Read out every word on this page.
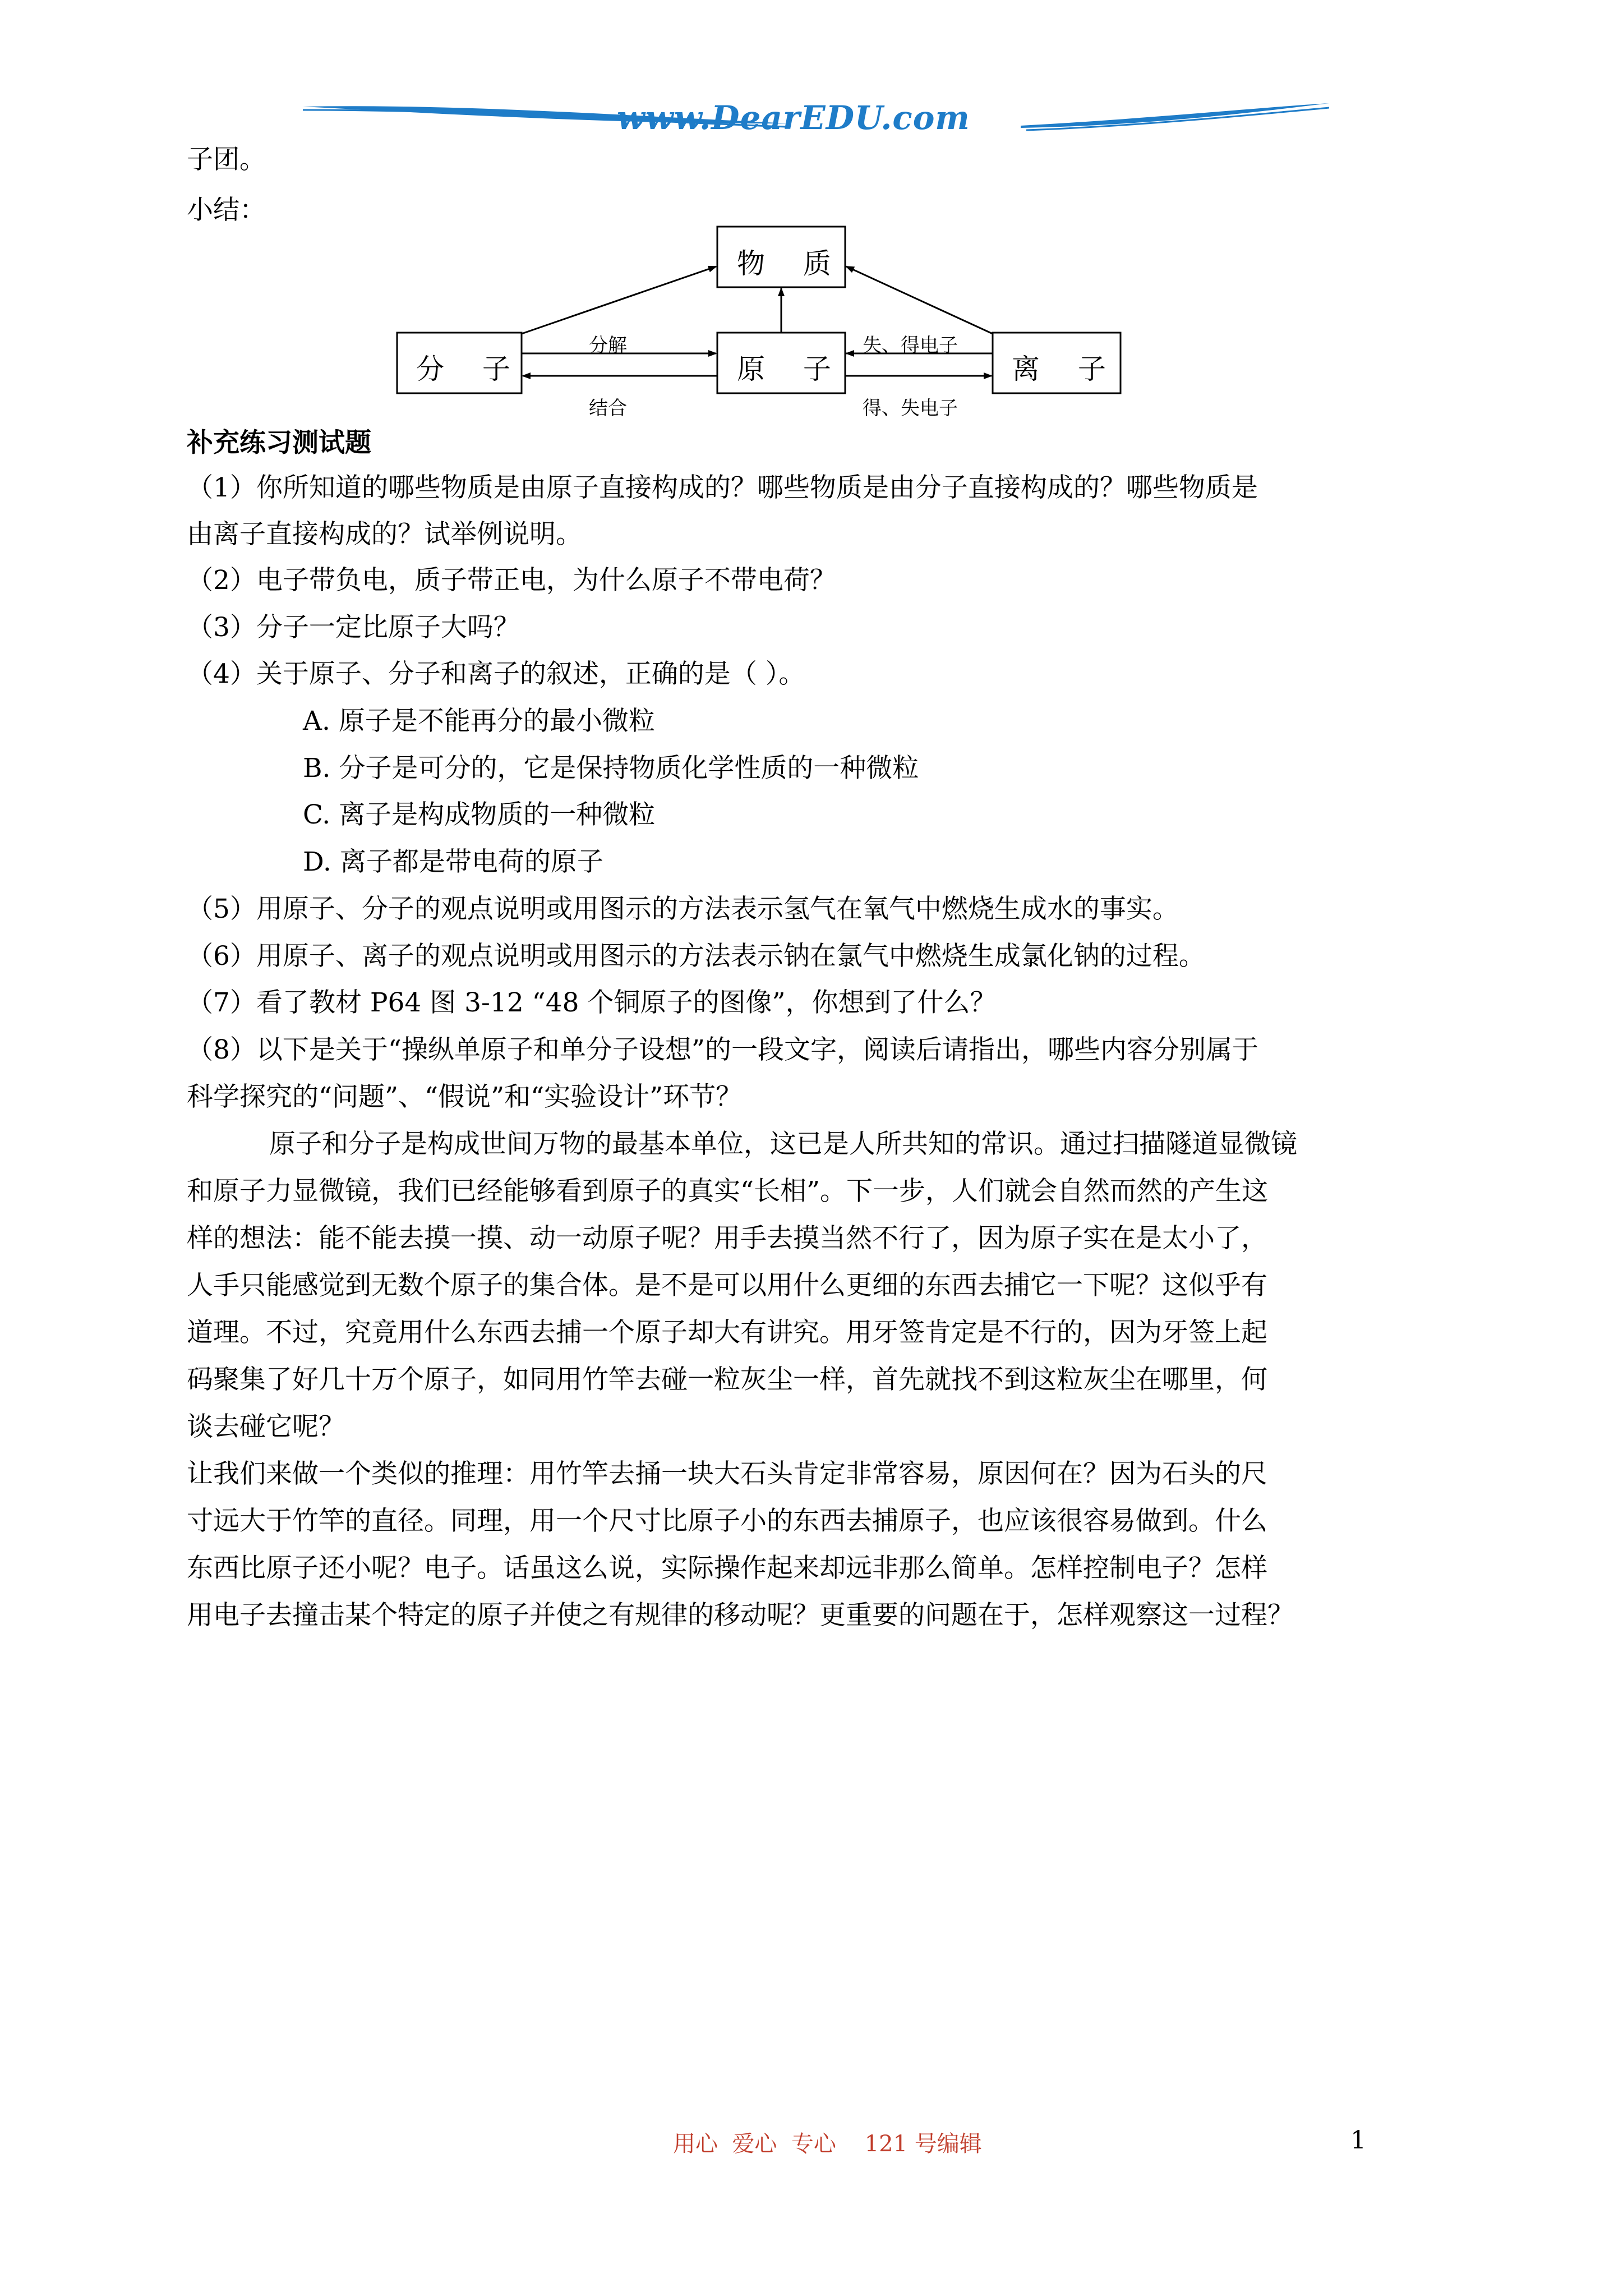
www.DearEDU.com
子团。
小结：
物 质
分 子	原 子	离 子
分解
结合
失、得电子
得、失电子
补充练习测试题
（1）你所知道的哪些物质是由原子直接构成的？哪些物质是由分子直接构成的？哪些物质是
由离子直接构成的？试举例说明。
（2）电子带负电，质子带正电，为什么原子不带电荷？
（3）分子一定比原子大吗？
（4）关于原子、分子和离子的叙述，正确的是（ ）。
A. 原子是不能再分的最小微粒
B. 分子是可分的，它是保持物质化学性质的一种微粒
C. 离子是构成物质的一种微粒
D. 离子都是带电荷的原子
（5）用原子、分子的观点说明或用图示的方法表示氢气在氧气中燃烧生成水的事实。
（6）用原子、离子的观点说明或用图示的方法表示钠在氯气中燃烧生成氯化钠的过程。
（7）看了教材 P64 图 3-12 “48 个铜原子的图像”，你想到了什么？
（8）以下是关于“操纵单原子和单分子设想”的一段文字，阅读后请指出，哪些内容分别属于
科学探究的“问题”、“假说”和“实验设计”环节？
原子和分子是构成世间万物的最基本单位，这已是人所共知的常识。通过扫描隧道显微镜
和原子力显微镜，我们已经能够看到原子的真实“长相”。下一步，人们就会自然而然的产生这
样的想法：能不能去摸一摸、动一动原子呢？用手去摸当然不行了，因为原子实在是太小了，
人手只能感觉到无数个原子的集合体。是不是可以用什么更细的东西去捕它一下呢？这似乎有
道理。不过，究竟用什么东西去捕一个原子却大有讲究。用牙签肯定是不行的，因为牙签上起
码聚集了好几十万个原子，如同用竹竿去碰一粒灰尘一样，首先就找不到这粒灰尘在哪里，何
谈去碰它呢？
让我们来做一个类似的推理：用竹竿去捅一块大石头肯定非常容易，原因何在？因为石头的尺
寸远大于竹竿的直径。同理，用一个尺寸比原子小的东西去捕原子，也应该很容易做到。什么
东西比原子还小呢？电子。话虽这么说，实际操作起来却远非那么简单。怎样控制电子？怎样
用电子去撞击某个特定的原子并使之有规律的移动呢？更重要的问题在于，怎样观察这一过程？
用心  爱心  专心    121 号编辑	1
